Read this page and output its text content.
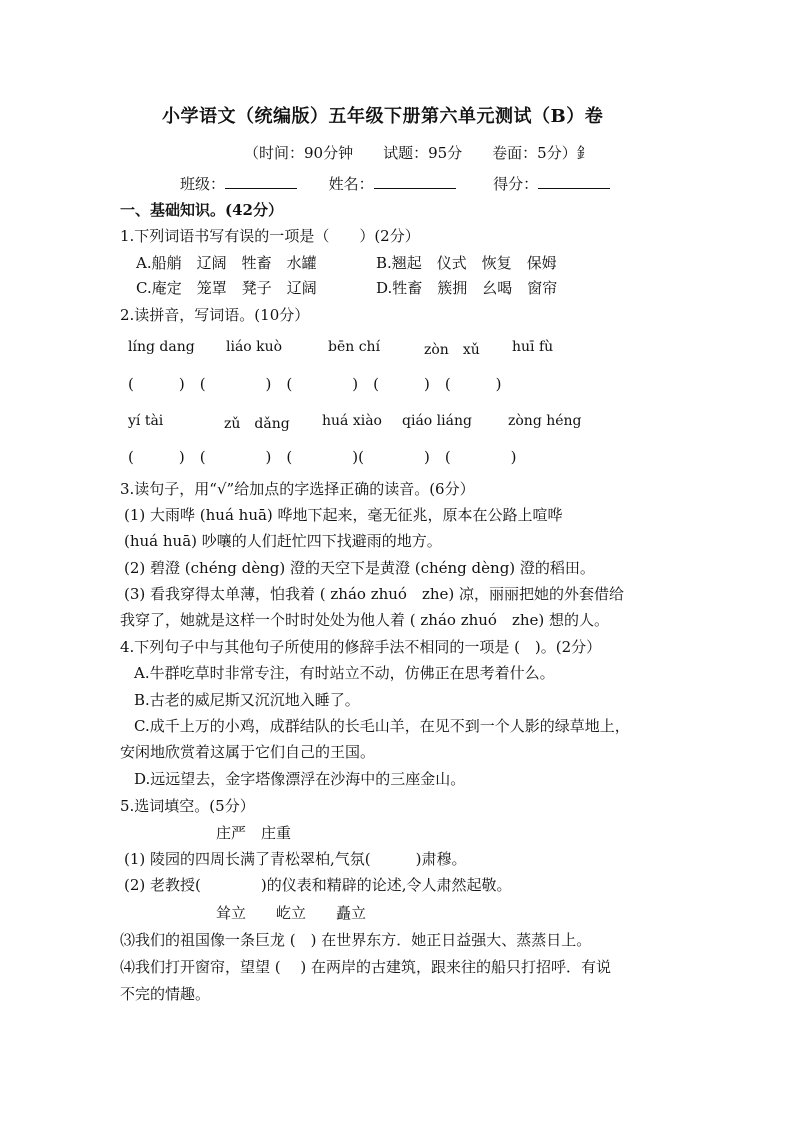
小学语文（统编版）五年级下册第六单元测试（B）卷
（时间：90分钟　　试题：95分　　卷面：5分）釒
班级：	姓名：	得分：
一、基础知识。(42分）
1.下列词语书写有误的一项是（　　）(2分）
A.船艄　辽阔　牲畜　水罐	B.翘起　仪式　恢复　保姆
C.庵定　笼罩　凳子　辽阔	D.牲畜　簇拥　幺喝　窗帘
2.读拼音，写词语。(10分）
líng dang liáo kuò	bēn chí	zòn　xǔ huī fù
(　　　)　(　　　　)　(　　　　)　(　　　)　(　　　)
yí tài	zǔ　dǎng huá xiào qiáo liáng	zòng héng
(　　　)　(　　　　)　(　　　　)(　　　　)　(　　　　)
3.读句子，用“√”给加点的字选择正确的读音。(6分）
(1) 大雨哗 (huá huā) 哗地下起来，毫无征兆，原本在公路上喧哗
(huá huā) 吵嚷的人们赶忙四下找避雨的地方。
(2) 碧澄 (chéng dèng) 澄的天空下是黄澄 (chéng dèng) 澄的稻田。
(3) 看我穿得太单薄，怕我着 ( zháo zhuó　zhe) 凉，丽丽把她的外套借给
我穿了，她就是这样一个时时处处为他人着 ( zháo zhuó　zhe) 想的人。
4.下列句子中与其他句子所使用的修辞手法不相同的一项是 (　)。(2分）
A.牛群吃草时非常专注，有时站立不动，仿佛正在思考着什么。
B.古老的威尼斯又沉沉地入睡了。
C.成千上万的小鸡，成群结队的长毛山羊，在见不到一个人影的绿草地上，
安闲地欣赏着这属于它们自己的王国。
D.远远望去，金字塔像漂浮在沙海中的三座金山。
5.选词填空。(5分）
庄严　庄重
(1) 陵园的四周长满了青松翠柏,气氛(　　　)肃穆。
(2) 老教授(　　　　)的仪表和精辟的论述,令人肃然起敬。
耸立　　屹立　　矗立
⑶我们的祖国像一条巨龙 (　) 在世界东方．她正日益强大、蒸蒸日上。
⑷我们打开窗帘，望望 (　 ) 在两岸的古建筑，跟来往的船只打招呼．有说
不完的情趣。
